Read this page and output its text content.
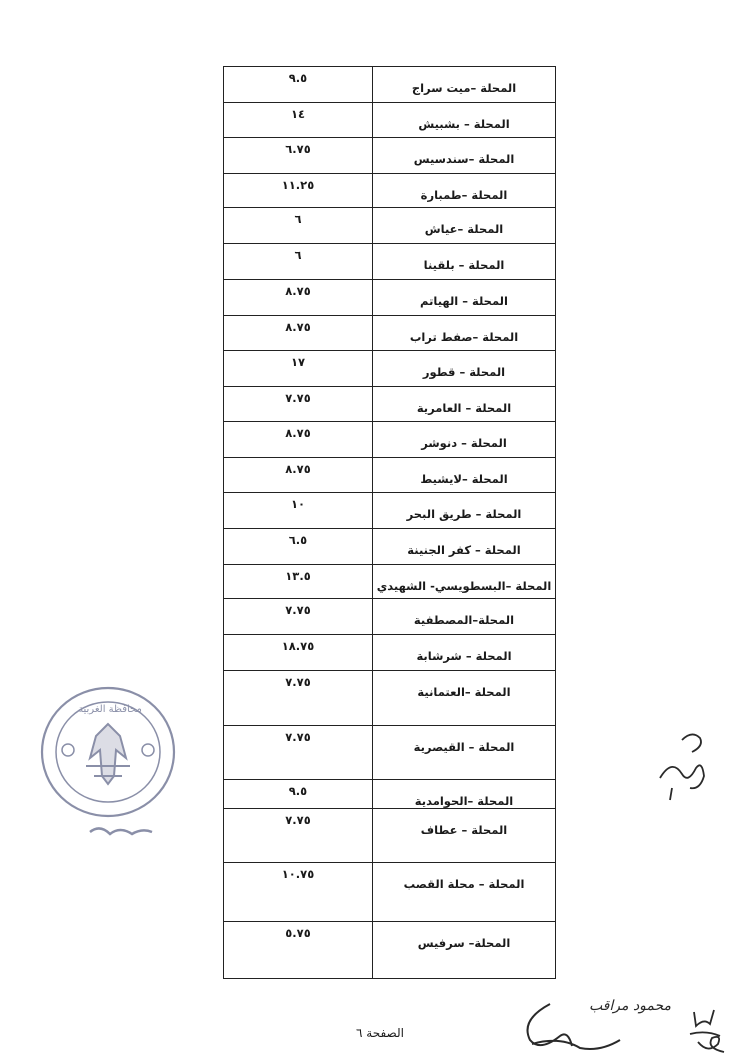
٩.٥	المحلة –ميت سراج

١٤	المحلة – بشبيش

٦.٧٥	المحلة –سندسيس

١١.٢٥	المحلة –طمبارة

٦	المحلة –عياش

٦	المحلة – بلقينا

٨.٧٥	المحلة – الهياتم

٨.٧٥	المحلة –صفط تراب

١٧	المحلة – قطور

٧.٧٥	المحلة – العامرية

٨.٧٥	المحلة – دنوشر

٨.٧٥	المحلة –لايشيط

١٠	المحلة – طريق البحر

٦.٥	المحلة – كفر الجنينة

١٣.٥	المحلة –البسطويسي- الشهيدي

٧.٧٥	المحلة–المصطفية

١٨.٧٥	المحلة – شرشابة

٧.٧٥	المحلة –العتمانية

٧.٧٥	المحلة – القيصرية

٩.٥	المحلة –الحوامدية

٧.٧٥	المحلة – عطاف

١٠.٧٥	المحلة – محلة القصب

٥.٧٥	المحلة– سرفيس
محافظة الغربية
محمود مراقب
الصفحة ٦
